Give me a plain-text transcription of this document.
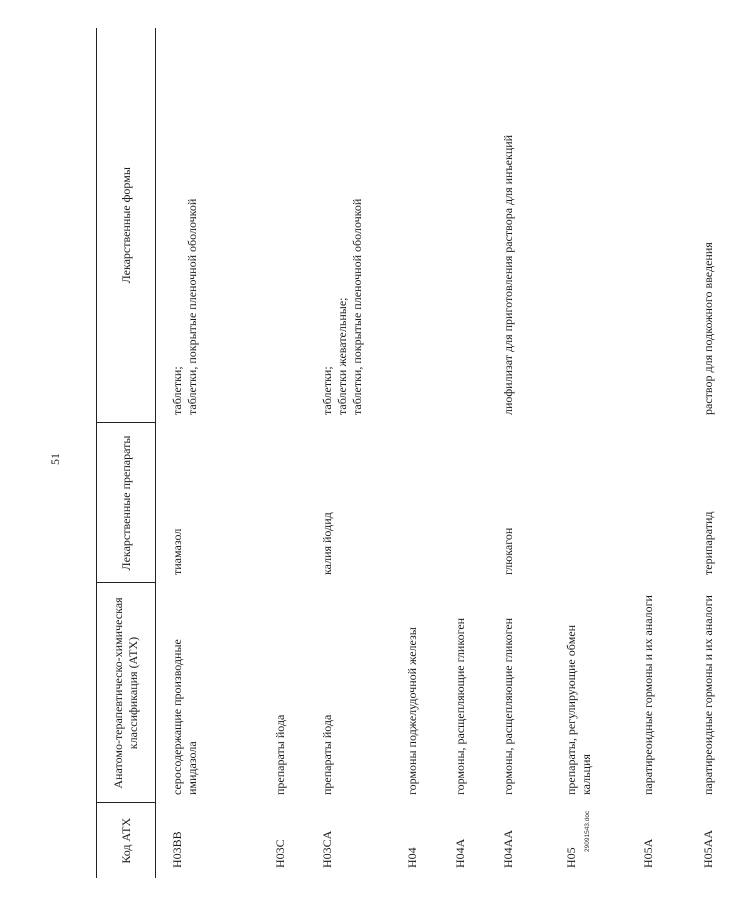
51
29091543.doc
Код АТХ	Анатомо-терапевтическо-химическая классификация (АТХ)	Лекарственные препараты	Лекарственные формы
H03BB	серосодержащие производные имидазола	тиамазол	таблетки; таблетки, покрытые пленочной оболочкой

H03C	препараты йода		
H03CA	препараты йода	калия йодид	таблетки; таблетки жевательные; таблетки, покрытые пленочной оболочкой

H04	гормоны поджелудочной железы		
H04A	гормоны, расщепляющие гликоген		
H04AA	гормоны, расщепляющие гликоген	глюкагон	лиофилизат для приготовления раствора для инъекций

H05	препараты, регулирующие обмен кальция		
H05A	паратиреоидные гормоны и их аналоги		
H05AA	паратиреоидные гормоны и их аналоги	терипаратид	раствор для подкожного введения
